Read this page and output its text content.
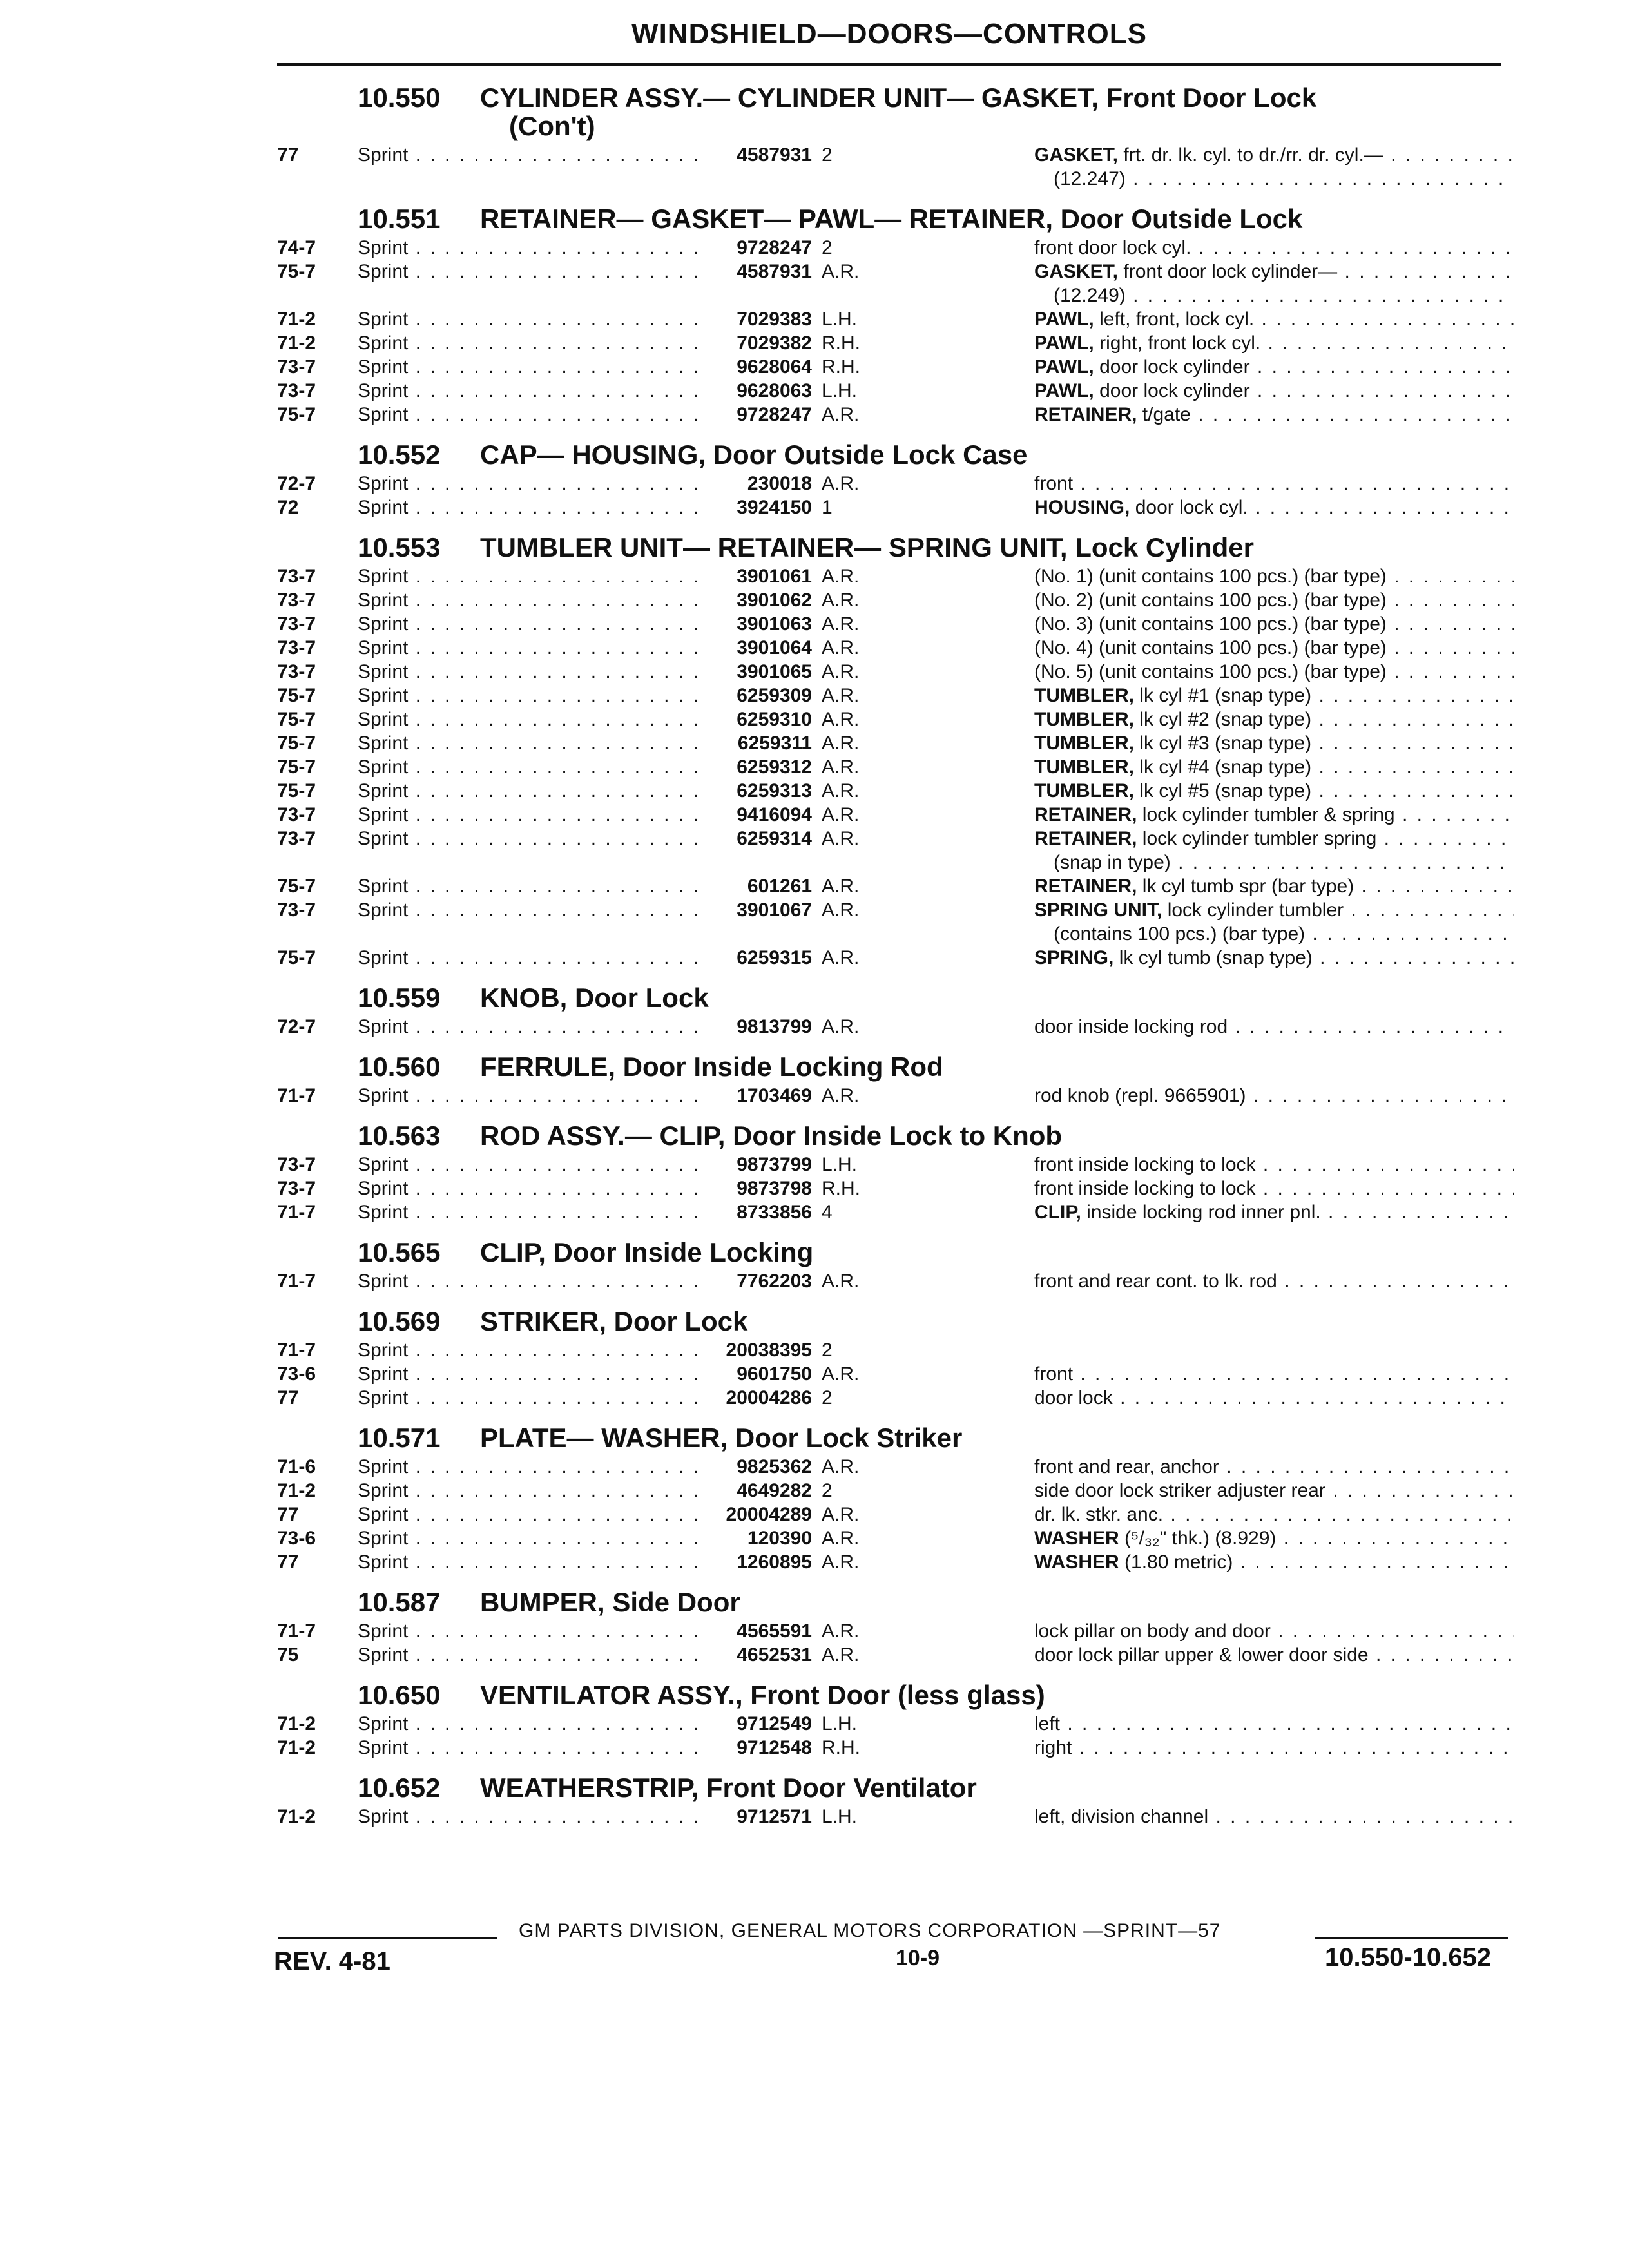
WINDSHIELD—DOORS—CONTROLS
10.550	CYLINDER ASSY.— CYLINDER UNIT— GASKET, Front Door Lock
(Con't)
77	Sprint . . .	4587931 2	GASKET, frt. dr. lk. cyl. to dr./rr. dr. cyl.— . . .
(12.247) . . .
10.551	RETAINER— GASKET— PAWL— RETAINER, Door Outside Lock
74-7	Sprint . . .	9728247 2	front door lock cyl. . . .
75-7	Sprint . . .	4587931 A.R.	GASKET, front door lock cylinder— . . .
(12.249) . . .
71-2	Sprint . . .	7029383 L.H.	PAWL, left, front, lock cyl. . . .
71-2	Sprint . . .	7029382 R.H.	PAWL, right, front lock cyl. . . .
73-7	Sprint . . .	9628064 R.H.	PAWL, door lock cylinder . . .
73-7	Sprint . . .	9628063 L.H.	PAWL, door lock cylinder . . .
75-7	Sprint . . .	9728247 A.R.	RETAINER, t/gate . . .
10.552	CAP— HOUSING, Door Outside Lock Case
72-7	Sprint . . .	230018 A.R.	front . . .
72	Sprint . . .	3924150 1	HOUSING, door lock cyl. . . .
10.553	TUMBLER UNIT— RETAINER— SPRING UNIT, Lock Cylinder
73-7	Sprint . . .	3901061 A.R.	(No. 1) (unit contains 100 pcs.) (bar type) . . .
73-7	Sprint . . .	3901062 A.R.	(No. 2) (unit contains 100 pcs.) (bar type) . . .
73-7	Sprint . . .	3901063 A.R.	(No. 3) (unit contains 100 pcs.) (bar type) . . .
73-7	Sprint . . .	3901064 A.R.	(No. 4) (unit contains 100 pcs.) (bar type) . . .
73-7	Sprint . . .	3901065 A.R.	(No. 5) (unit contains 100 pcs.) (bar type) . . .
75-7	Sprint . . .	6259309 A.R.	TUMBLER, lk cyl #1 (snap type) . . .
75-7	Sprint . . .	6259310 A.R.	TUMBLER, lk cyl #2 (snap type) . . .
75-7	Sprint . . .	6259311 A.R.	TUMBLER, lk cyl #3 (snap type) . . .
75-7	Sprint . . .	6259312 A.R.	TUMBLER, lk cyl #4 (snap type) . . .
75-7	Sprint . . .	6259313 A.R.	TUMBLER, lk cyl #5 (snap type) . . .
73-7	Sprint . . .	9416094 A.R.	RETAINER, lock cylinder tumbler & spring . . .
73-7	Sprint . . .	6259314 A.R.	RETAINER, lock cylinder tumbler spring . . .
(snap in type) . . .
75-7	Sprint . . .	601261 A.R.	RETAINER, lk cyl tumb spr (bar type) . . .
73-7	Sprint . . .	3901067 A.R.	SPRING UNIT, lock cylinder tumbler . . .
(contains 100 pcs.) (bar type) . . .
75-7	Sprint . . .	6259315 A.R.	SPRING, lk cyl tumb (snap type) . . .
10.559	KNOB, Door Lock
72-7	Sprint . . .	9813799 A.R.	door inside locking rod . . .
10.560	FERRULE, Door Inside Locking Rod
71-7	Sprint . . .	1703469 A.R.	rod knob (repl. 9665901) . . .
10.563	ROD ASSY.— CLIP, Door Inside Lock to Knob
73-7	Sprint . . .	9873799 L.H.	front inside locking to lock . . .
73-7	Sprint . . .	9873798 R.H.	front inside locking to lock . . .
71-7	Sprint . . .	8733856 4	CLIP, inside locking rod inner pnl. . . .
10.565	CLIP, Door Inside Locking
71-7	Sprint . . .	7762203 A.R.	front and rear cont. to lk. rod . . .
10.569	STRIKER, Door Lock
71-7	Sprint . . .	20038395 2
73-6	Sprint . . .	9601750 A.R.	front . . .
77	Sprint . . .	20004286 2	door lock . . .
10.571	PLATE— WASHER, Door Lock Striker
71-6	Sprint . . .	9825362 A.R.	front and rear, anchor . . .
71-2	Sprint . . .	4649282 2	side door lock striker adjuster rear . . .
77	Sprint . . .	20004289 A.R.	dr. lk. stkr. anc. . . .
73-6	Sprint . . .	120390 A.R.	WASHER (⁵/₃₂" thk.) (8.929) . . .
77	Sprint . . .	1260895 A.R.	WASHER (1.80 metric) . . .
10.587	BUMPER, Side Door
71-7	Sprint . . .	4565591 A.R.	lock pillar on body and door . . .
75	Sprint . . .	4652531 A.R.	door lock pillar upper & lower door side . . .
10.650	VENTILATOR ASSY., Front Door (less glass)
71-2	Sprint . . .	9712549 L.H.	left . . .
71-2	Sprint . . .	9712548 R.H.	right . . .
10.652	WEATHERSTRIP, Front Door Ventilator
71-2	Sprint . . .	9712571 L.H.	left, division channel . . .
GM PARTS DIVISION, GENERAL MOTORS CORPORATION —SPRINT—57
REV. 4-81	10-9	10.550-10.652
